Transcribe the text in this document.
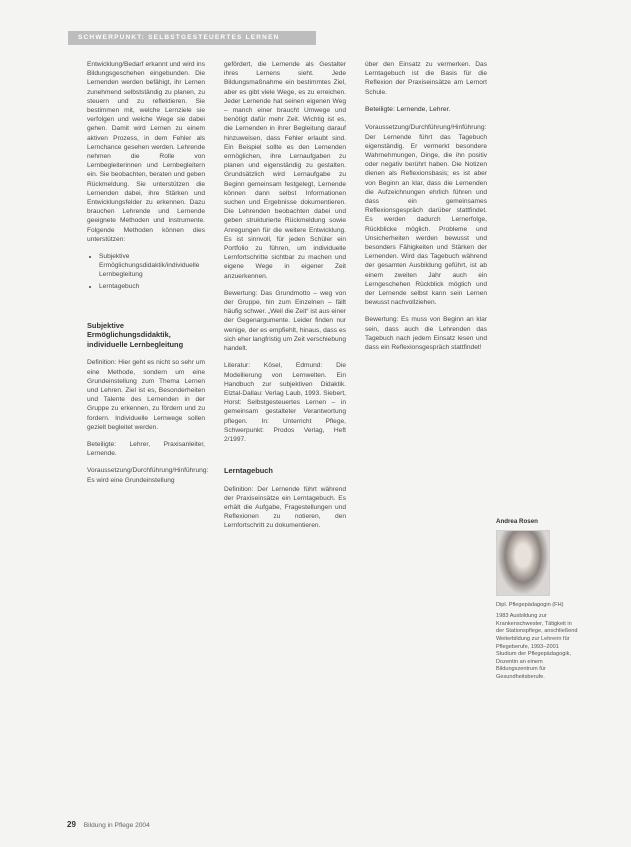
SCHWERPUNKT: SELBSTGESTEUERTES LERNEN

Entwicklung/Bedarf erkannt und wird ins Bildungsgeschehen eingebunden. Die Lernenden werden befähigt, ihr Lernen zunehmend selbstständig zu planen, zu steuern und zu reflektieren. Sie bestimmen mit, welche Lernziele sie verfolgen und welche Wege sie dabei gehen. Damit wird Lernen zu einem aktiven Prozess, in dem Fehler als Lernchance gesehen werden. Lehrende nehmen die Rolle von Lernbegleiterinnen und Lernbegleitern ein. Sie beobachten, beraten und geben Rückmeldung. Sie unterstützen die Lernenden dabei, ihre Stärken und Entwicklungsfelder zu erkennen. Dazu brauchen Lehrende und Lernende geeignete Methoden und Instrumente. Folgende Methoden können dies unterstützen:

• Subjektive Ermöglichungsdidaktik/individuelle Lernbegleitung
• Lerntagebuch
Subjektive Ermöglichungsdidaktik, individuelle Lernbegleitung

Definition: Hier geht es nicht so sehr um eine Methode, sondern um eine Grundeinstellung zum Thema Lernen und Lehren. Ziel ist es, Besonderheiten und Talente des Lernenden in der Gruppe zu erkennen, zu fördern und zu fordern. Individuelle Lernwege sollen gezielt begleitet werden.

Beteiligte: Lehrer, Praxisanleiter, Lernende.

Voraussetzung/Durchführung/Hinführung: Es wird eine Grundeinstellung

gefördert, die Lernende als Gestalter ihres Lernens sieht. Jede Bildungsmaßnahme ein bestimmtes Ziel, aber es gibt viele Wege, es zu erreichen. Jeder Lernende hat seinen eigenen Weg – manch einer braucht Umwege und benötigt dafür mehr Zeit. Wichtig ist es, die Lernenden in ihrer Begleitung darauf hinzuweisen, dass Fehler erlaubt sind. Ein Beispiel sollte es den Lernenden ermöglichen, ihre Lernaufgaben zu planen und eigenständig zu gestalten. Grundsätzlich wird Lernaufgabe zu Beginn gemeinsam festgelegt, Lernende können dann selbst Informationen suchen und Ergebnisse dokumentieren. Die Lehrenden beobachten dabei und geben strukturierte Rückmeldung sowie Anregungen für die weitere Entwicklung. Es ist sinnvoll, für jeden Schüler ein Portfolio zu führen, um individuelle Lernfortschritte sichtbar zu machen und eigene Wege in eigener Zeit anzuerkennen.

Bewertung: Das Grundmotto – weg von der Gruppe, hin zum Einzelnen – fällt häufig schwer. „Weil die Zeit“ ist aus einer der Gegenargumente. Leider finden nur wenige, der es empfiehlt, hinaus, dass es sich eher langfristig um Zeit verschiebung handelt.

Literatur: Kösel, Edmund: Die Modellierung von Lernwelten. Ein Handbuch zur subjektiven Didaktik. Elztal-Dallau: Verlag Laub, 1993. Siebert, Horst: Selbstgesteuertes Lernen – in gemeinsam gestalteter Verantwortung pflegen. In: Unterricht Pflege, Schwerpunkt: Prodos Verlag, Heft 2/1997.

Lerntagebuch

Definition: Der Lernende führt während der Praxiseinsätze ein Lerntagebuch. Es erhält die Aufgabe, Fragestellungen und Reflexionen zu notieren, den Lernfortschritt zu dokumentieren.

über den Einsatz zu vermerken. Das Lerntagebuch ist die Basis für die Reflexion der Praxiseinsätze am Lernort Schule.

Beteiligte: Lernende, Lehrer.

Voraussetzung/Durchführung/Hinführung: Der Lernende führt das Tagebuch eigenständig. Er vermerkt besondere Wahrnehmungen, Dinge, die ihn positiv oder negativ berührt haben. Die Notizen dienen als Reflexionsbasis; es ist aber von Beginn an klar, dass die Lernenden die Aufzeichnungen ehrlich führen und dass ein gemeinsames Reflexionsgespräch darüber stattfindet. Es werden dadurch Lernerfolge, Rückblicke möglich. Probleme und Unsicherheiten werden bewusst und besonders Fähigkeiten und Stärken der Lernenden. Wird das Tagebuch während der gesamten Ausbildung geführt, ist ab einem zweiten Jahr auch ein Lerngeschehen Rückblick möglich und der Lernende selbst kann sein Lernen bewusst nachvollziehen.

Bewertung: Es muss von Beginn an klar sein, dass auch die Lehrenden das Tagebuch nach jedem Einsatz lesen und dass ein Reflexionsgespräch stattfindet!

Andrea Rosen
Dipl. Pflegepädagogin (FH)
1983 Ausbildung zur Krankenschwester, Tätigkeit in der Stationspflege, anschließend Weiterbildung zur Lehrerin für Pflegeberufe, 1993–2001 Studium der Pflegepädagogik, Dozentin an einem Bildungszentrum für Gesundheitsberufe.
29 Bildung in Pflege 2004
